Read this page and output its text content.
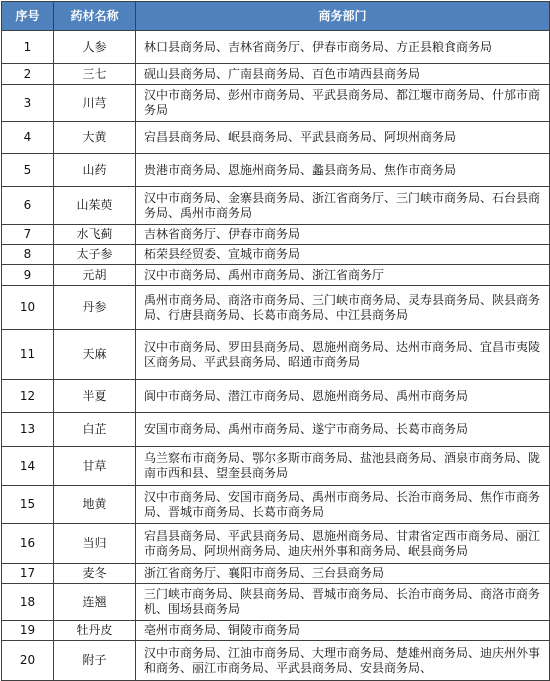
序号	药材名称	商务部门
1	人参	林口县商务局、吉林省商务厅、伊春市商务局、方正县粮食商务局
2	三七	砚山县商务局、广南县商务局、百色市靖西县商务局
3	川芎	汉中市商务局、彭州市商务局、平武县商务局、都江堰市商务局、什邡市商务局
4	大黄	宕昌县商务局、岷县商务局、平武县商务局、阿坝州商务局
5	山药	贵港市商务局、恩施州商务局、蠡县商务局、焦作市商务局
6	山茱萸	汉中市商务局、金寨县商务局、浙江省商务厅、三门峡市商务局、石台县商务局、禹州市商务局
7	水飞蓟	吉林省商务厅、伊春市商务局
8	太子参	柘荣县经贸委、宣城市商务局
9	元胡	汉中市商务局、禹州市商务局、浙江省商务厅
10	丹参	禹州市商务局、商洛市商务局、三门峡市商务局、灵寿县商务局、陕县商务局、行唐县商务局、长葛市商务局、中江县商务局
11	天麻	汉中市商务局、罗田县商务局、恩施州商务局、达州市商务局、宜昌市夷陵区商务局、平武县商务局、昭通市商务局
12	半夏	阆中市商务局、潜江市商务局、恩施州商务局、禹州市商务局
13	白芷	安国市商务局、禹州市商务局、遂宁市商务局、长葛市商务局
14	甘草	乌兰察布市商务局、鄂尔多斯市商务局、盐池县商务局、酒泉市商务局、陇南市西和县、望奎县商务局
15	地黄	汉中市商务局、安国市商务局、禹州市商务局、长治市商务局、焦作市商务局、晋城市商务局、长葛市商务局
16	当归	宕昌县商务局、平武县商务局、恩施州商务局、甘肃省定西市商务局、丽江市商务局、阿坝州商务局、迪庆州外事和商务局、岷县商务局
17	麦冬	浙江省商务厅、襄阳市商务局、三台县商务局
18	连翘	三门峡市商务局、陕县商务局、晋城市商务局、长治市商务局、商洛市商务机、围场县商务局
19	牡丹皮	亳州市商务局、铜陵市商务局
20	附子	汉中市商务局、江油市商务局、大理市商务局、楚雄州商务局、迪庆州外事和商务、丽江市商务局、平武县商务局、安县商务局、
